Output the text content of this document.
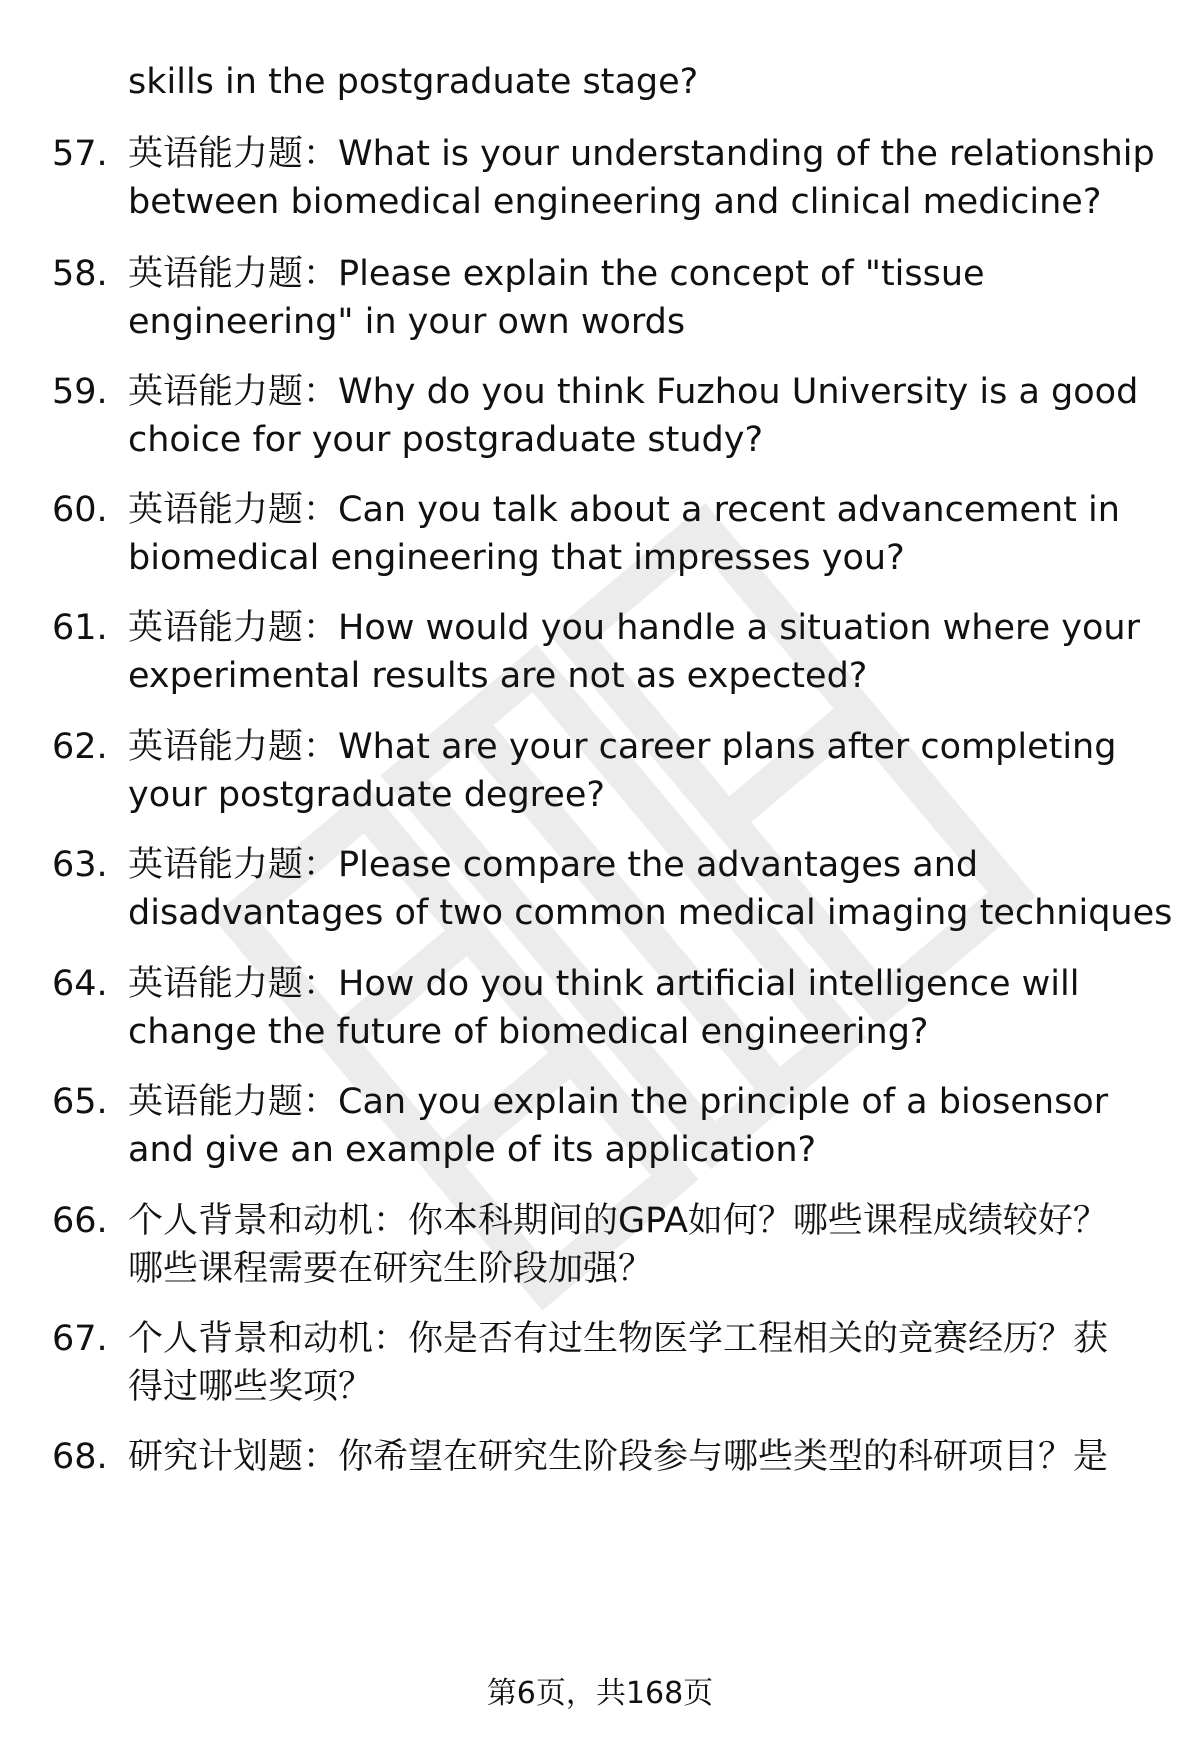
skills in the postgraduate stage?
57. 英语能力题：What is your understanding of the relationship
between biomedical engineering and clinical medicine?
58. 英语能力题：Please explain the concept of "tissue
engineering" in your own words
59. 英语能力题：Why do you think Fuzhou University is a good
choice for your postgraduate study?
60. 英语能力题：Can you talk about a recent advancement in
biomedical engineering that impresses you?
61. 英语能力题：How would you handle a situation where your
experimental results are not as expected?
62. 英语能力题：What are your career plans after completing
your postgraduate degree?
63. 英语能力题：Please compare the advantages and
disadvantages of two common medical imaging techniques
64. 英语能力题：How do you think artificial intelligence will
change the future of biomedical engineering?
65. 英语能力题：Can you explain the principle of a biosensor
and give an example of its application?
66. 个人背景和动机：你本科期间的GPA如何？哪些课程成绩较好？
哪些课程需要在研究生阶段加强？
67. 个人背景和动机：你是否有过生物医学工程相关的竞赛经历？获
得过哪些奖项？
68. 研究计划题：你希望在研究生阶段参与哪些类型的科研项目？是
第6页，共168页
